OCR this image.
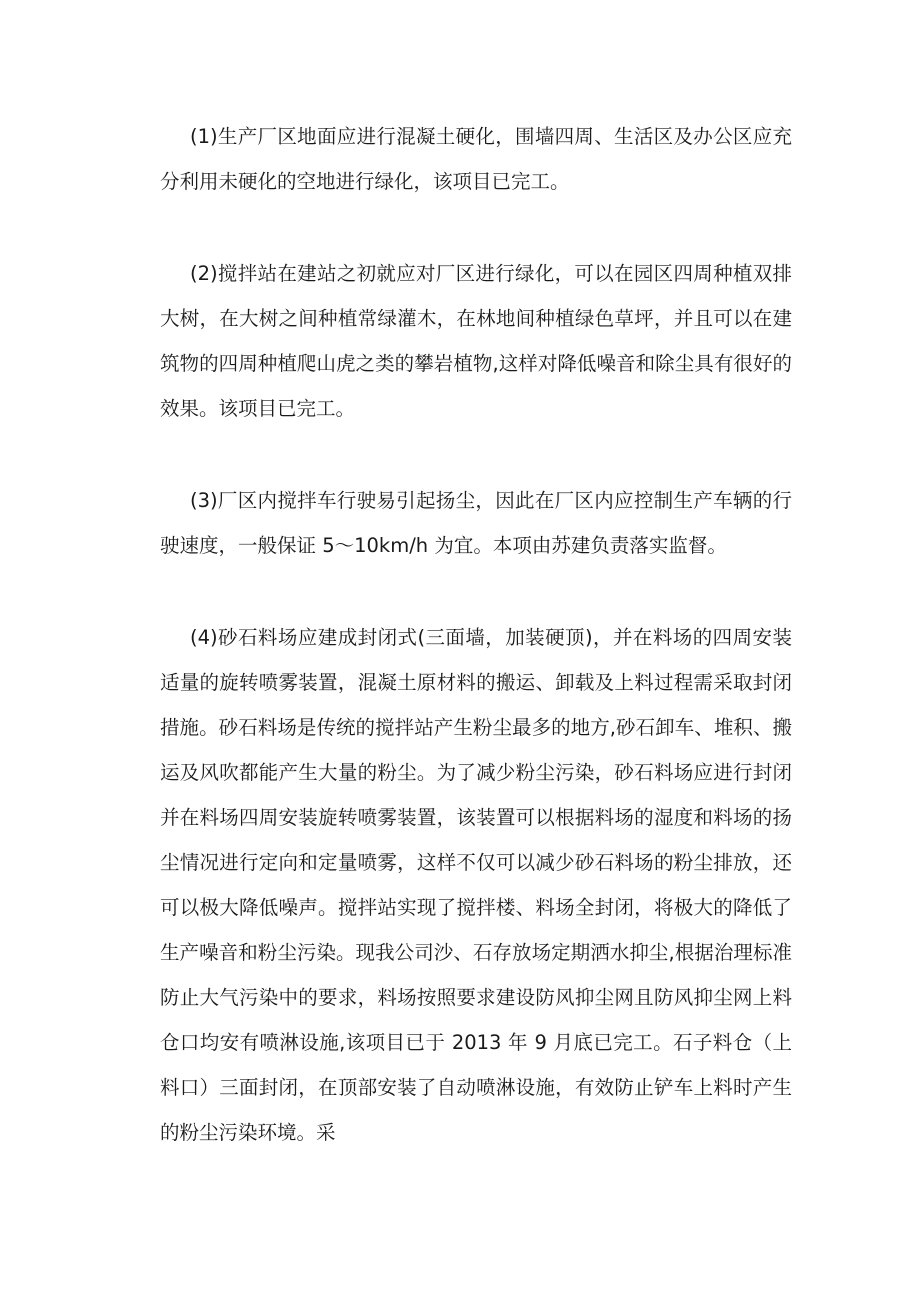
(1)生产厂区地面应进行混凝土硬化，围墙四周、生活区及办公区应充分利用未硬化的空地进行绿化，该项目已完工。

(2)搅拌站在建站之初就应对厂区进行绿化，可以在园区四周种植双排大树，在大树之间种植常绿灌木，在林地间种植绿色草坪，并且可以在建筑物的四周种植爬山虎之类的攀岩植物,这样对降低噪音和除尘具有很好的效果。该项目已完工。

(3)厂区内搅拌车行驶易引起扬尘，因此在厂区内应控制生产车辆的行驶速度，一般保证 5～10km/h 为宜。本项由苏建负责落实监督。

(4)砂石料场应建成封闭式(三面墙，加装硬顶)，并在料场的四周安装适量的旋转喷雾装置，混凝土原材料的搬运、卸载及上料过程需采取封闭措施。砂石料场是传统的搅拌站产生粉尘最多的地方,砂石卸车、堆积、搬运及风吹都能产生大量的粉尘。为了减少粉尘污染，砂石料场应进行封闭并在料场四周安装旋转喷雾装置，该装置可以根据料场的湿度和料场的扬尘情况进行定向和定量喷雾，这样不仅可以减少砂石料场的粉尘排放，还可以极大降低噪声。搅拌站实现了搅拌楼、料场全封闭，将极大的降低了生产噪音和粉尘污染。现我公司沙、石存放场定期洒水抑尘,根据治理标准防止大气污染中的要求，料场按照要求建设防风抑尘网且防风抑尘网上料仓口均安有喷淋设施,该项目已于 2013 年 9 月底已完工。石子料仓（上料口）三面封闭，在顶部安装了自动喷淋设施，有效防止铲车上料时产生的粉尘污染环境。采
